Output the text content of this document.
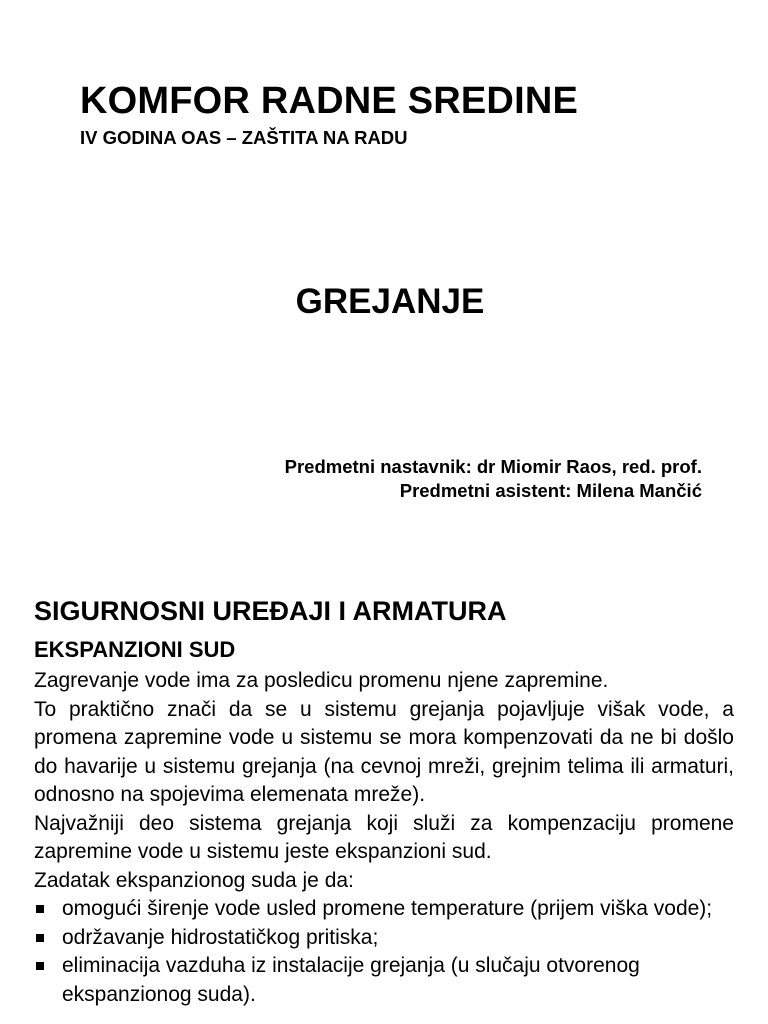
KOMFOR RADNE SREDINE
IV GODINA OAS – ZAŠTITA NA RADU
GREJANJE
Predmetni nastavnik: dr Miomir Raos, red. prof.
Predmetni asistent: Milena Mančić
SIGURNOSNI UREĐAJI I ARMATURA
EKSPANZIONI SUD

Zagrevanje vode ima za posledicu promenu njene zapremine.

To praktično znači da se u sistemu grejanja pojavljuje višak vode, a promena zapremine vode u sistemu se mora kompenzovati da ne bi došlo do havarije u sistemu grejanja (na cevnoj mreži, grejnim telima ili armaturi, odnosno na spojevima elemenata mreže).

Najvažniji deo sistema grejanja koji služi za kompenzaciju promene zapremine vode u sistemu jeste ekspanzioni sud.

Zadatak ekspanzionog suda je da:

omogući širenje vode usled promene temperature (prijem viška vode);
održavanje hidrostatičkog pritiska;
eliminacija vazduha iz instalacije grejanja (u slučaju otvorenog ekspanzionog suda).
